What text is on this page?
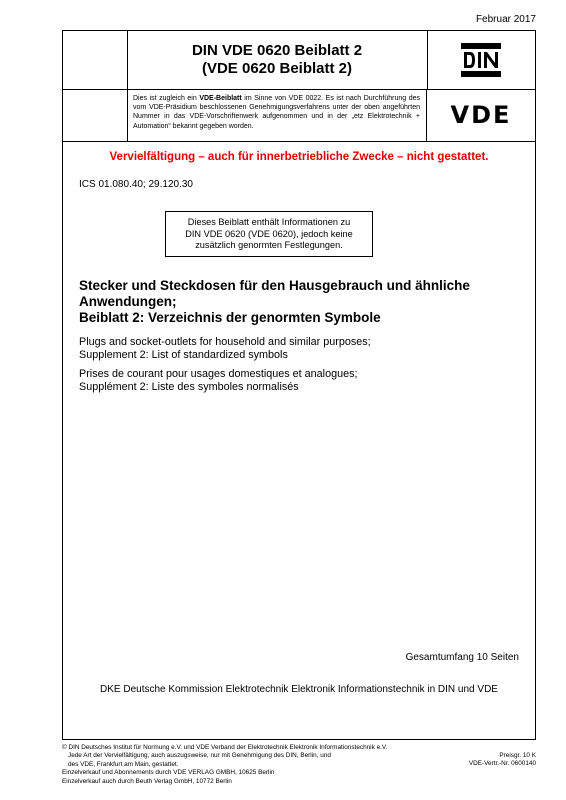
Februar 2017
DIN VDE 0620 Beiblatt 2
(VDE 0620 Beiblatt 2)
Dies ist zugleich ein VDE-Beiblatt im Sinne von VDE 0022. Es ist nach Durchführung des vom VDE-Präsidium beschlossenen Genehmigungsverfahrens unter der oben angeführten Nummer in das VDE-Vorschriftenwerk aufgenommen und in der „etz Elektrotechnik + Automation“ bekannt gegeben worden.	VDE
Vervielfältigung – auch für innerbetriebliche Zwecke – nicht gestattet.
ICS 01.080.40; 29.120.30
Dieses Beiblatt enthält Informationen zu
DIN VDE 0620 (VDE 0620), jedoch keine
zusätzlich genormten Festlegungen.
Stecker und Steckdosen für den Hausgebrauch und ähnliche
Anwendungen;
Beiblatt 2: Verzeichnis der genormten Symbole
Plugs and socket-outlets for household and similar purposes;
Supplement 2: List of standardized symbols
Prises de courant pour usages domestiques et analogues;
Supplément 2: Liste des symboles normalisés
Gesamtumfang 10 Seiten
DKE Deutsche Kommission Elektrotechnik Elektronik Informationstechnik in DIN und VDE
© DIN Deutsches Institut für Normung e.V. und VDE Verband der Elektrotechnik Elektronik Informationstechnik e.V.
Jede Art der Vervielfältigung, auch auszugsweise, nur mit Genehmigung des DIN, Berlin, und
des VDE, Frankfurt am Main, gestattet.
Einzelverkauf und Abonnements durch VDE VERLAG GMBH, 10625 Berlin
Einzelverkauf auch durch Beuth Verlag GmbH, 10772 Berlin
Preisgr. 10 K
VDE-Vertr.-Nr. 0600140
